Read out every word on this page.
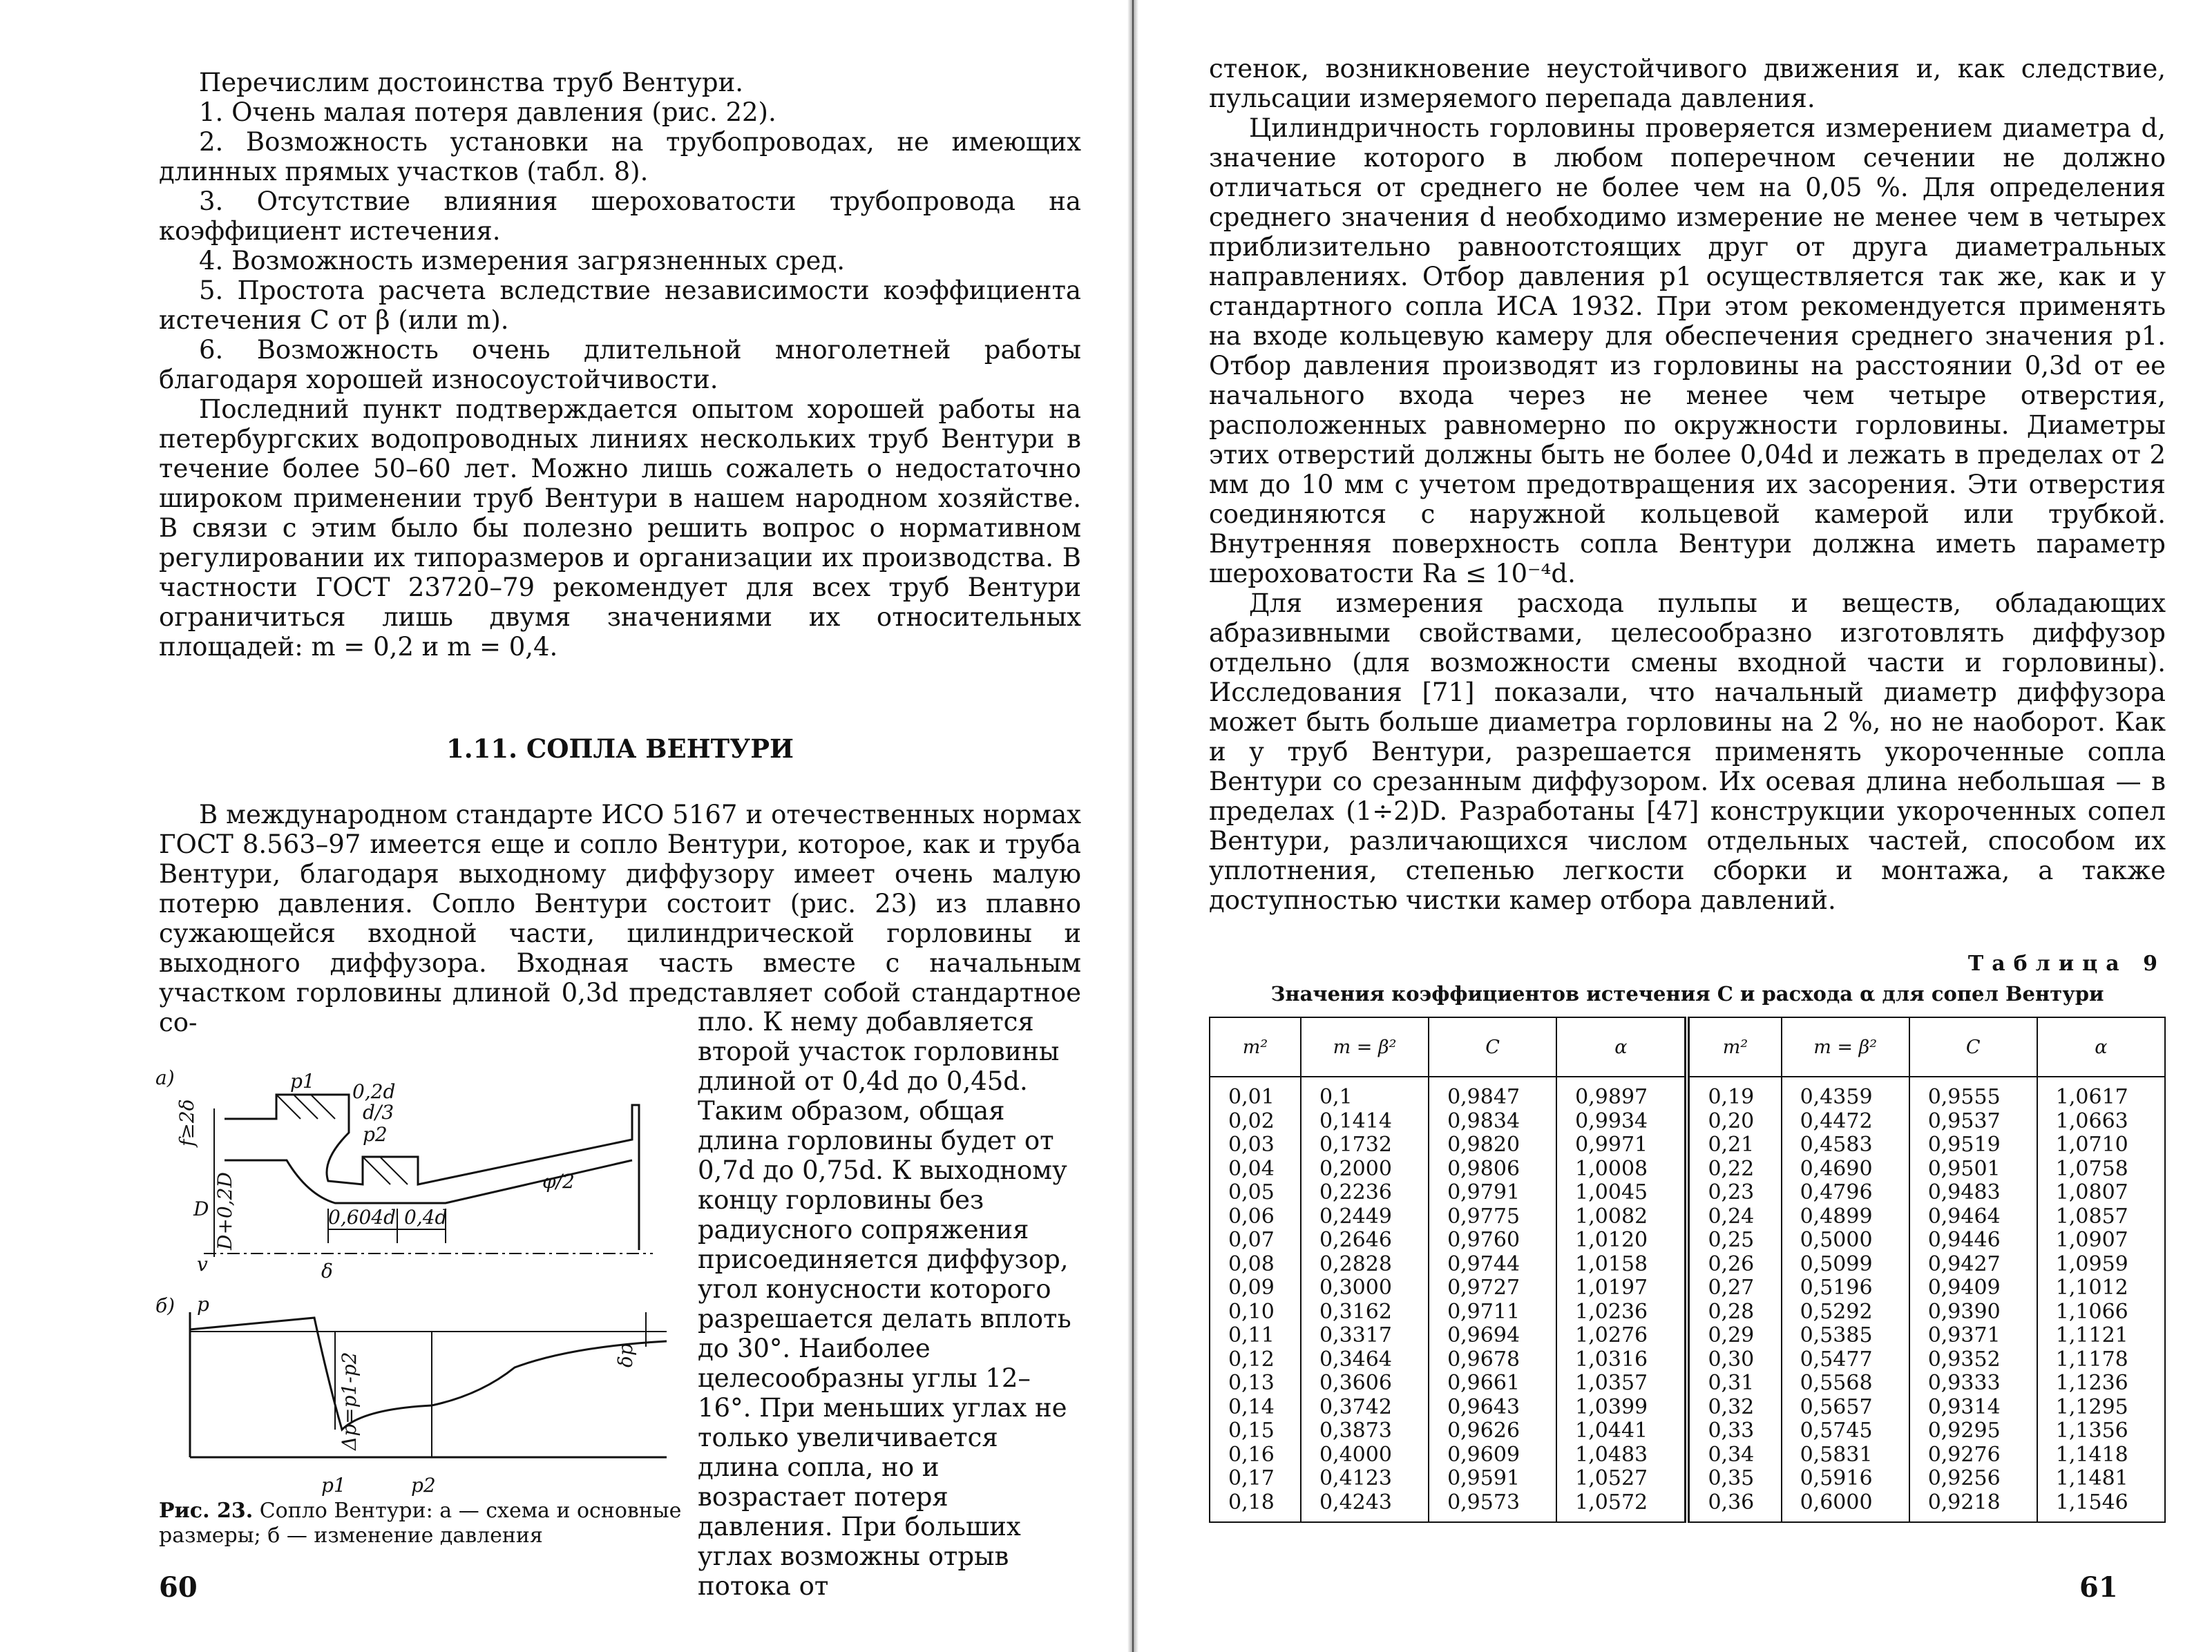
Перечислим достоинства труб Вентури.

1. Очень малая потеря давления (рис. 22).

2. Возможность установки на трубопроводах, не имеющих длинных прямых участков (табл. 8).

3. Отсутствие влияния шероховатости трубопровода на коэффициент истечения.

4. Возможность измерения загрязненных сред.

5. Простота расчета вследствие независимости коэффициента истечения C от β (или m).

6. Возможность очень длительной многолетней работы благодаря хорошей износоустойчивости.

Последний пункт подтверждается опытом хорошей работы на петербургских водопроводных линиях нескольких труб Вентури в течение более 50–60 лет. Можно лишь сожалеть о недостаточно широком применении труб Вентури в нашем народном хозяйстве. В связи с этим было бы полезно решить вопрос о нормативном регулировании их типоразмеров и организации их производства. В частности ГОСТ 23720–79 рекомендует для всех труб Вентури ограничиться лишь двумя значениями их относительных площадей: m = 0,2 и m = 0,4.

1.11. СОПЛА ВЕНТУРИ

В международном стандарте ИСО 5167 и отечественных нормах ГОСТ 8.563–97 имеется еще и сопло Вентури, которое, как и труба Вентури, благодаря выходному диффузору имеет очень малую потерю давления. Сопло Вентури состоит (рис. 23) из плавно сужающейся входной части, цилиндрической горловины и выходного диффузора. Входная часть вместе с начальным участком горловины длиной 0,3d представляет собой стандартное со-	пло. К нему добавляется второй участок горловины длиной от 0,4d до 0,45d. Таким образом, общая длина горловины будет от 0,7d до 0,75d. К выходному концу горловины без радиусного сопряжения присоединяется диффузор, угол конусности которого разрешается делать вплоть до 30°. Наиболее целесообразны углы 12–16°. При меньших углах не только увеличивается длина сопла, но и возрастает потеря давления. При больших углах возможны отрыв потока от
а)
б)
p1
p2
0,2d
d/3
f≥2δ
D D+0,2D	0,604d 0,4d
δ
v
φ/2
p
Δp=p1-p2	δp
p1	p2
Рис. 23. Сопло Вентури: а — схема и основные размеры; б — изменение давления
60
стенок, возникновение неустойчивого движения и, как следствие, пульсации измеряемого перепада давления.

Цилиндричность горловины проверяется измерением диаметра d, значение которого в любом поперечном сечении не должно отличаться от среднего не более чем на 0,05 %. Для определения среднего значения d необходимо измерение не менее чем в четырех приблизительно равноотстоящих друг от друга диаметральных направлениях. Отбор давления p1 осуществляется так же, как и у стандартного сопла ИСА 1932. При этом рекомендуется применять на входе кольцевую камеру для обеспечения среднего значения p1. Отбор давления производят из горловины на расстоянии 0,3d от ее начального входа через не менее чем четыре отверстия, расположенных равномерно по окружности горловины. Диаметры этих отверстий должны быть не более 0,04d и лежать в пределах от 2 мм до 10 мм с учетом предотвращения их засорения. Эти отверстия соединяются с наружной кольцевой камерой или трубкой. Внутренняя поверхность сопла Вентури должна иметь параметр шероховатости Ra ≤ 10⁻⁴d.

Для измерения расхода пульпы и веществ, обладающих абразивными свойствами, целесообразно изготовлять диффузор отдельно (для возможности смены входной части и горловины). Исследования [71] показали, что начальный диаметр диффузора может быть больше диаметра горловины на 2 %, но не наоборот. Как и у труб Вентури, разрешается применять укороченные сопла Вентури со срезанным диффузором. Их осевая длина небольшая — в пределах (1÷2)D. Разработаны [47] конструкции укороченных сопел Вентури, различающихся числом отдельных частей, способом их уплотнения, степенью легкости сборки и монтажа, а также доступностью чистки камер отбора давлений.

Таблица 9
Значения коэффициентов истечения C и расхода α для сопел Вентури
m²	m = β²	C	α	m²	m = β²	C	α
0,01	0,1	0,9847	0,9897	0,19	0,4359	0,9555	1,0617
0,02	0,1414	0,9834	0,9934	0,20	0,4472	0,9537	1,0663
0,03	0,1732	0,9820	0,9971	0,21	0,4583	0,9519	1,0710
0,04	0,2000	0,9806	1,0008	0,22	0,4690	0,9501	1,0758
0,05	0,2236	0,9791	1,0045	0,23	0,4796	0,9483	1,0807
0,06	0,2449	0,9775	1,0082	0,24	0,4899	0,9464	1,0857
0,07	0,2646	0,9760	1,0120	0,25	0,5000	0,9446	1,0907
0,08	0,2828	0,9744	1,0158	0,26	0,5099	0,9427	1,0959
0,09	0,3000	0,9727	1,0197	0,27	0,5196	0,9409	1,1012
0,10	0,3162	0,9711	1,0236	0,28	0,5292	0,9390	1,1066
0,11	0,3317	0,9694	1,0276	0,29	0,5385	0,9371	1,1121
0,12	0,3464	0,9678	1,0316	0,30	0,5477	0,9352	1,1178
0,13	0,3606	0,9661	1,0357	0,31	0,5568	0,9333	1,1236
0,14	0,3742	0,9643	1,0399	0,32	0,5657	0,9314	1,1295
0,15	0,3873	0,9626	1,0441	0,33	0,5745	0,9295	1,1356
0,16	0,4000	0,9609	1,0483	0,34	0,5831	0,9276	1,1418
0,17	0,4123	0,9591	1,0527	0,35	0,5916	0,9256	1,1481
0,18	0,4243	0,9573	1,0572	0,36	0,6000	0,9218	1,1546
61
